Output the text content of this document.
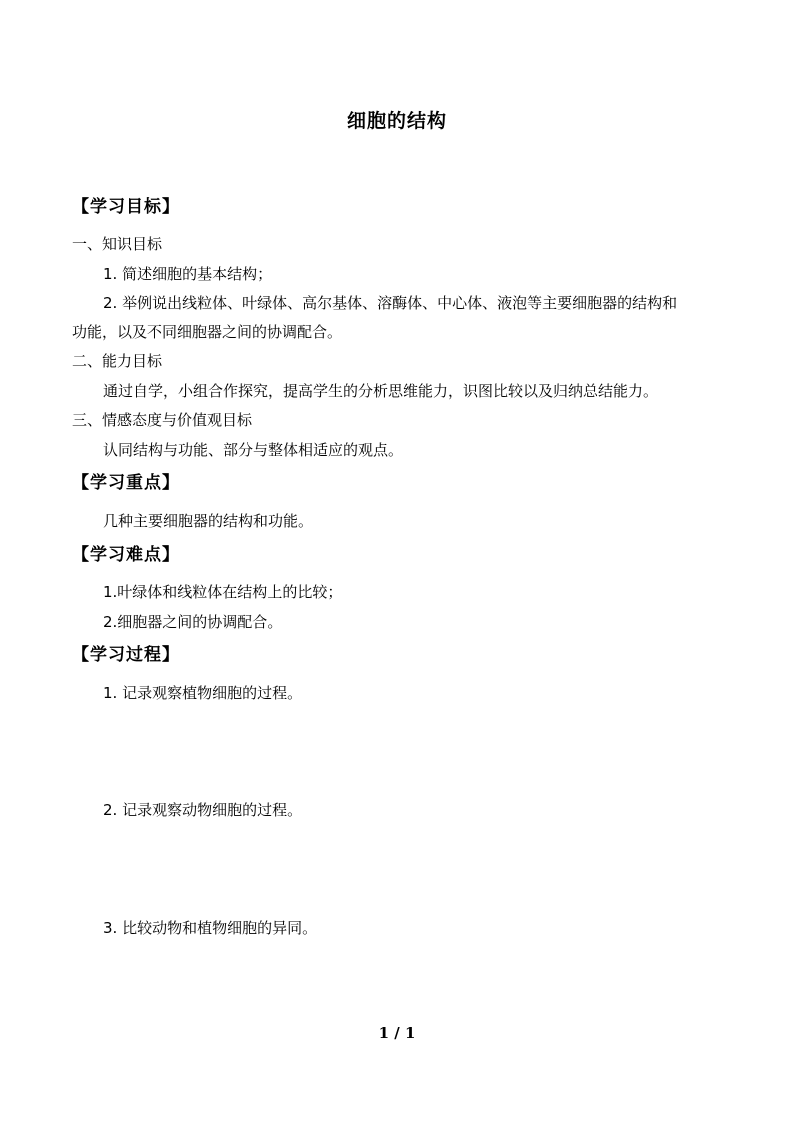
细胞的结构
【学习目标】
一、知识目标
1. 简述细胞的基本结构；
2. 举例说出线粒体、叶绿体、高尔基体、溶酶体、中心体、液泡等主要细胞器的结构和
功能，以及不同细胞器之间的协调配合。
二、能力目标
通过自学，小组合作探究，提高学生的分析思维能力，识图比较以及归纳总结能力。
三、情感态度与价值观目标
认同结构与功能、部分与整体相适应的观点。
【学习重点】
几种主要细胞器的结构和功能。
【学习难点】
1.叶绿体和线粒体在结构上的比较；
2.细胞器之间的协调配合。
【学习过程】
1. 记录观察植物细胞的过程。
2. 记录观察动物细胞的过程。
3. 比较动物和植物细胞的异同。
1 / 1
